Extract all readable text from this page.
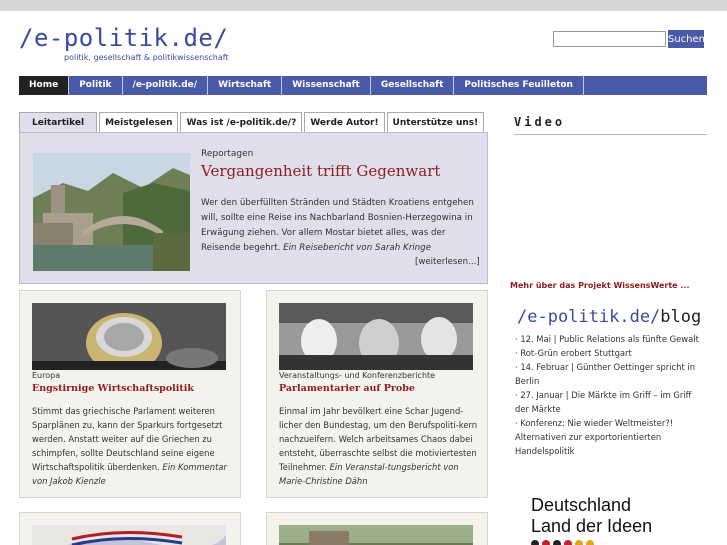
/e-politik.de/
politik, gesellschaft & politikwissenschaft
Suchen
Home	Politik	/e-politik.de/	Wirtschaft	Wissenschaft	Gesellschaft	Politisches Feuilleton
Leitartikel	Meistgelesen	Was ist /e-politik.de/?	Werde Autor!	Unterstütze uns!
Reportagen
Vergangenheit trifft Gegenwart
Wer den überfüllten Stränden und Städten Kroatiens entgehen will, sollte eine Reise ins Nachbarland Bosnien-Herzegowina in Erwägung ziehen. Vor allem Mostar bietet alles, was der Reisende begehrt. Ein Reisebericht von Sarah Kringe
[weiterlesen...]
Europa
Engstirnige Wirtschaftspolitik
Stimmt das griechische Parlament weiteren Sparplänen zu, kann der Sparkurs fortgesetzt werden. Anstatt weiter auf die Griechen zu schimpfen, sollte Deutschland seine eigene Wirtschaftspolitik überdenken. Ein Kommentar von Jakob Kienzle
Veranstaltungs- und Konferenzberichte
Parlamentarier auf Probe
Einmal im Jahr bevölkert eine Schar Jugend-licher den Bundestag, um den Berufspoliti-kern nachzueifern. Welch arbeitsames Chaos dabei entsteht, überraschte selbst die motiviertesten Teilnehmer. Ein Veranstal-tungsbericht von Marie-Christine Dähn
Video
Mehr über das Projekt WissensWerte ...
/e-politik.de/blog
· 12. Mai | Public Relations als fünfte Gewalt
· Rot-Grün erobert Stuttgart
· 14. Februar | Günther Oettinger spricht in Berlin
· 27. Januar | Die Märkte im Griff – im Griff der Märkte
· Konferenz: Nie wieder Weltmeister?! Alternativen zur exportorientierten Handelspolitik
Deutschland
Land der Ideen
